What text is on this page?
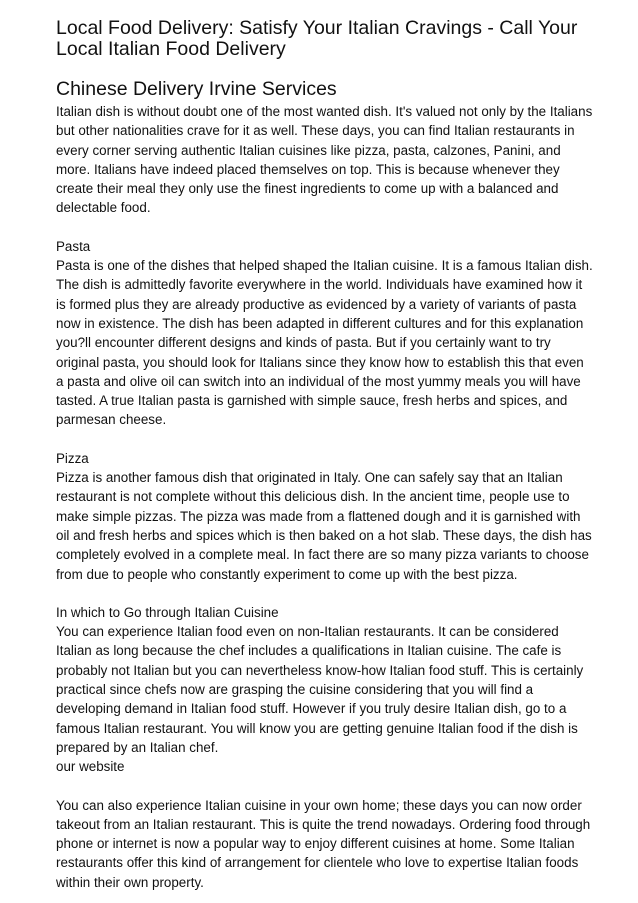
Local Food Delivery: Satisfy Your Italian Cravings - Call Your Local Italian Food Delivery
Chinese Delivery Irvine Services

Italian dish is without doubt one of the most wanted dish. It's valued not only by the Italians but other nationalities crave for it as well. These days, you can find Italian restaurants in every corner serving authentic Italian cuisines like pizza, pasta, calzones, Panini, and more. Italians have indeed placed themselves on top. This is because whenever they create their meal they only use the finest ingredients to come up with a balanced and delectable food.

Pasta

Pasta is one of the dishes that helped shaped the Italian cuisine. It is a famous Italian dish. The dish is admittedly favorite everywhere in the world. Individuals have examined how it is formed plus they are already productive as evidenced by a variety of variants of pasta now in existence. The dish has been adapted in different cultures and for this explanation you?ll encounter different designs and kinds of pasta. But if you certainly want to try original pasta, you should look for Italians since they know how to establish this that even a pasta and olive oil can switch into an individual of the most yummy meals you will have tasted. A true Italian pasta is garnished with simple sauce, fresh herbs and spices, and parmesan cheese.

Pizza

Pizza is another famous dish that originated in Italy. One can safely say that an Italian restaurant is not complete without this delicious dish. In the ancient time, people use to make simple pizzas. The pizza was made from a flattened dough and it is garnished with oil and fresh herbs and spices which is then baked on a hot slab. These days, the dish has completely evolved in a complete meal. In fact there are so many pizza variants to choose from due to people who constantly experiment to come up with the best pizza.

In which to Go through Italian Cuisine

You can experience Italian food even on non-Italian restaurants. It can be considered Italian as long because the chef includes a qualifications in Italian cuisine. The cafe is probably not Italian but you can nevertheless know-how Italian food stuff. This is certainly practical since chefs now are grasping the cuisine considering that you will find a developing demand in Italian food stuff. However if you truly desire Italian dish, go to a famous Italian restaurant. You will know you are getting genuine Italian food if the dish is prepared by an Italian chef.

our website

You can also experience Italian cuisine in your own home; these days you can now order takeout from an Italian restaurant. This is quite the trend nowadays. Ordering food through phone or internet is now a popular way to enjoy different cuisines at home. Some Italian restaurants offer this kind of arrangement for clientele who love to expertise Italian foods within their own property.
